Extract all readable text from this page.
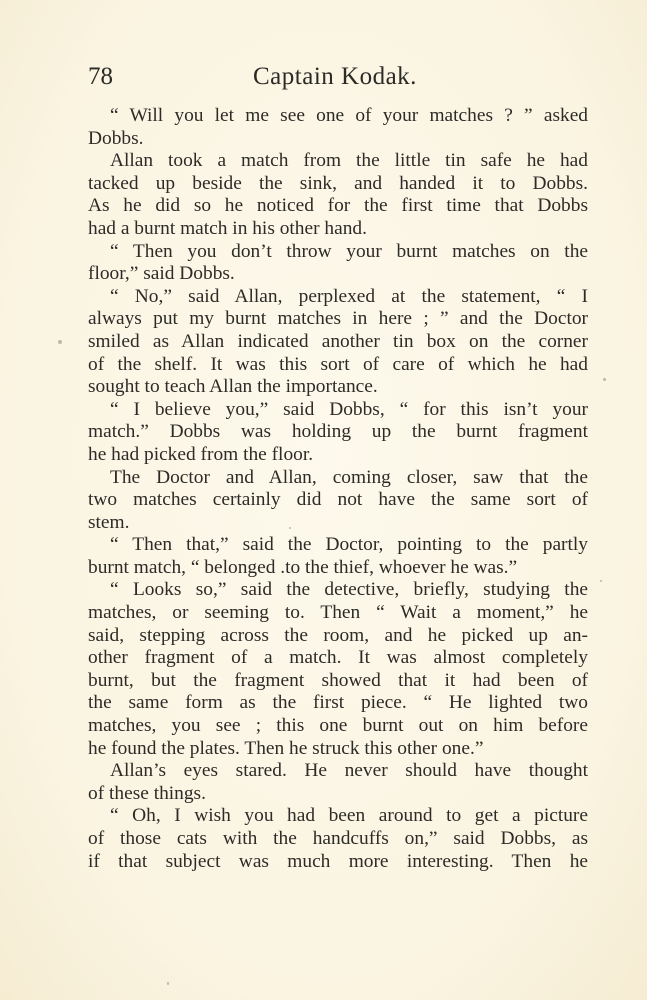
78	Captain Kodak.
“ Will you let me see one of your matches ? ” asked
Dobbs.
Allan took a match from the little tin safe he had
tacked up beside the sink, and handed it to Dobbs.
As he did so he noticed for the first time that Dobbs
had a burnt match in his other hand.
“ Then you don’t throw your burnt matches on the
floor,” said Dobbs.
“ No,” said Allan, perplexed at the statement, “ I
always put my burnt matches in here ; ” and the Doctor
smiled as Allan indicated another tin box on the corner
of the shelf. It was this sort of care of which he had
sought to teach Allan the importance.
“ I believe you,” said Dobbs, “ for this isn’t your
match.” Dobbs was holding up the burnt fragment
he had picked from the floor.
The Doctor and Allan, coming closer, saw that the
two matches certainly did not have the same sort of
stem.
“ Then that,” said the Doctor, pointing to the partly
burnt match, “ belonged .to the thief, whoever he was.”
“ Looks so,” said the detective, briefly, studying the
matches, or seeming to. Then “ Wait a moment,” he
said, stepping across the room, and he picked up an-
other fragment of a match. It was almost completely
burnt, but the fragment showed that it had been of
the same form as the first piece. “ He lighted two
matches, you see ; this one burnt out on him before
he found the plates. Then he struck this other one.”
Allan’s eyes stared. He never should have thought
of these things.
“ Oh, I wish you had been around to get a picture
of those cats with the handcuffs on,” said Dobbs, as
if that subject was much more interesting. Then he
